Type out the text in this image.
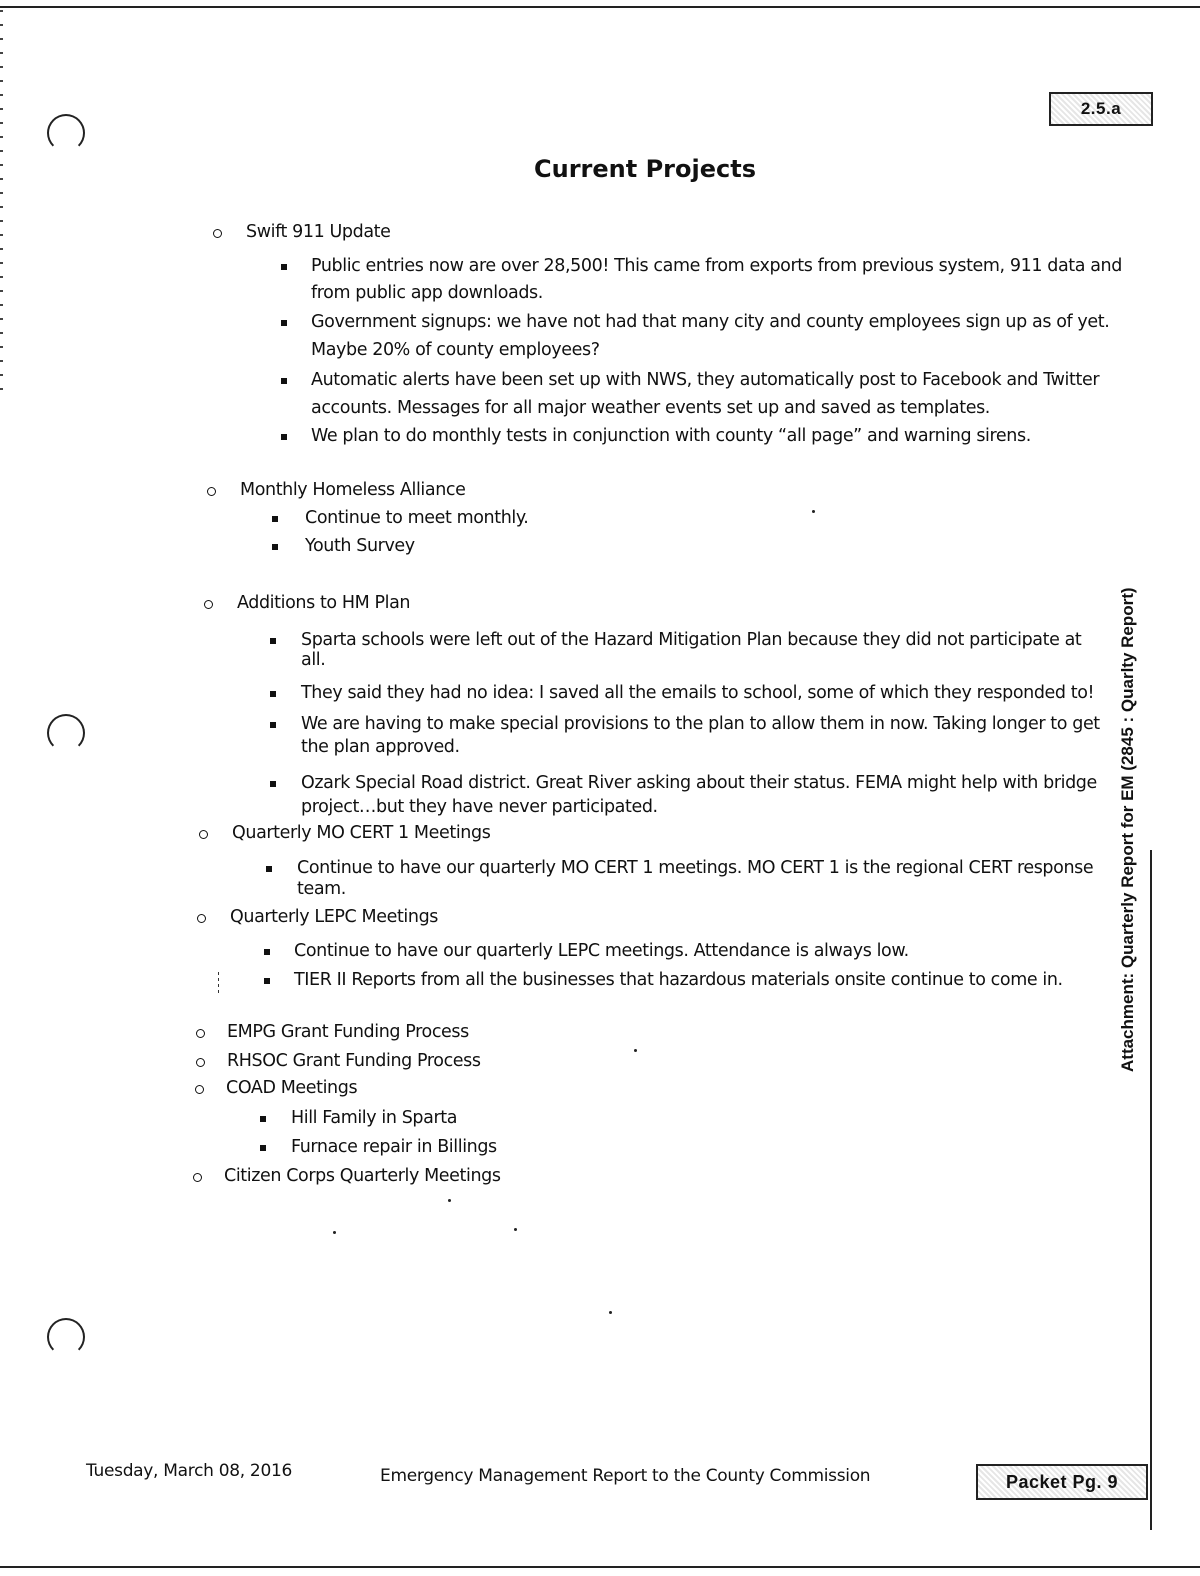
2.5.a
Current Projects
Swift 911 Update
Public entries now are over 28,500! This came from exports from previous system, 911 data and
from public app downloads.
Government signups: we have not had that many city and county employees sign up as of yet.
Maybe 20% of county employees?
Automatic alerts have been set up with NWS, they automatically post to Facebook and Twitter
accounts. Messages for all major weather events set up and saved as templates.
We plan to do monthly tests in conjunction with county “all page” and warning sirens.
Monthly Homeless Alliance
Continue to meet monthly.
Youth Survey
Additions to HM Plan
Sparta schools were left out of the Hazard Mitigation Plan because they did not participate at
all.
They said they had no idea: I saved all the emails to school, some of which they responded to!
We are having to make special provisions to the plan to allow them in now. Taking longer to get
the plan approved.
Ozark Special Road district. Great River asking about their status. FEMA might help with bridge
project…but they have never participated.
Quarterly MO CERT 1 Meetings
Continue to have our quarterly MO CERT 1 meetings. MO CERT 1 is the regional CERT response
team.
Quarterly LEPC Meetings
Continue to have our quarterly LEPC meetings. Attendance is always low.
TIER II Reports from all the businesses that hazardous materials onsite continue to come in.
EMPG Grant Funding Process
RHSOC Grant Funding Process
COAD Meetings
Hill Family in Sparta
Furnace repair in Billings
Citizen Corps Quarterly Meetings
Attachment: Quarterly Report for EM (2845 : Quarlty Report)
Tuesday, March 08, 2016	Emergency Management Report to the County Commission	Packet Pg. 9
